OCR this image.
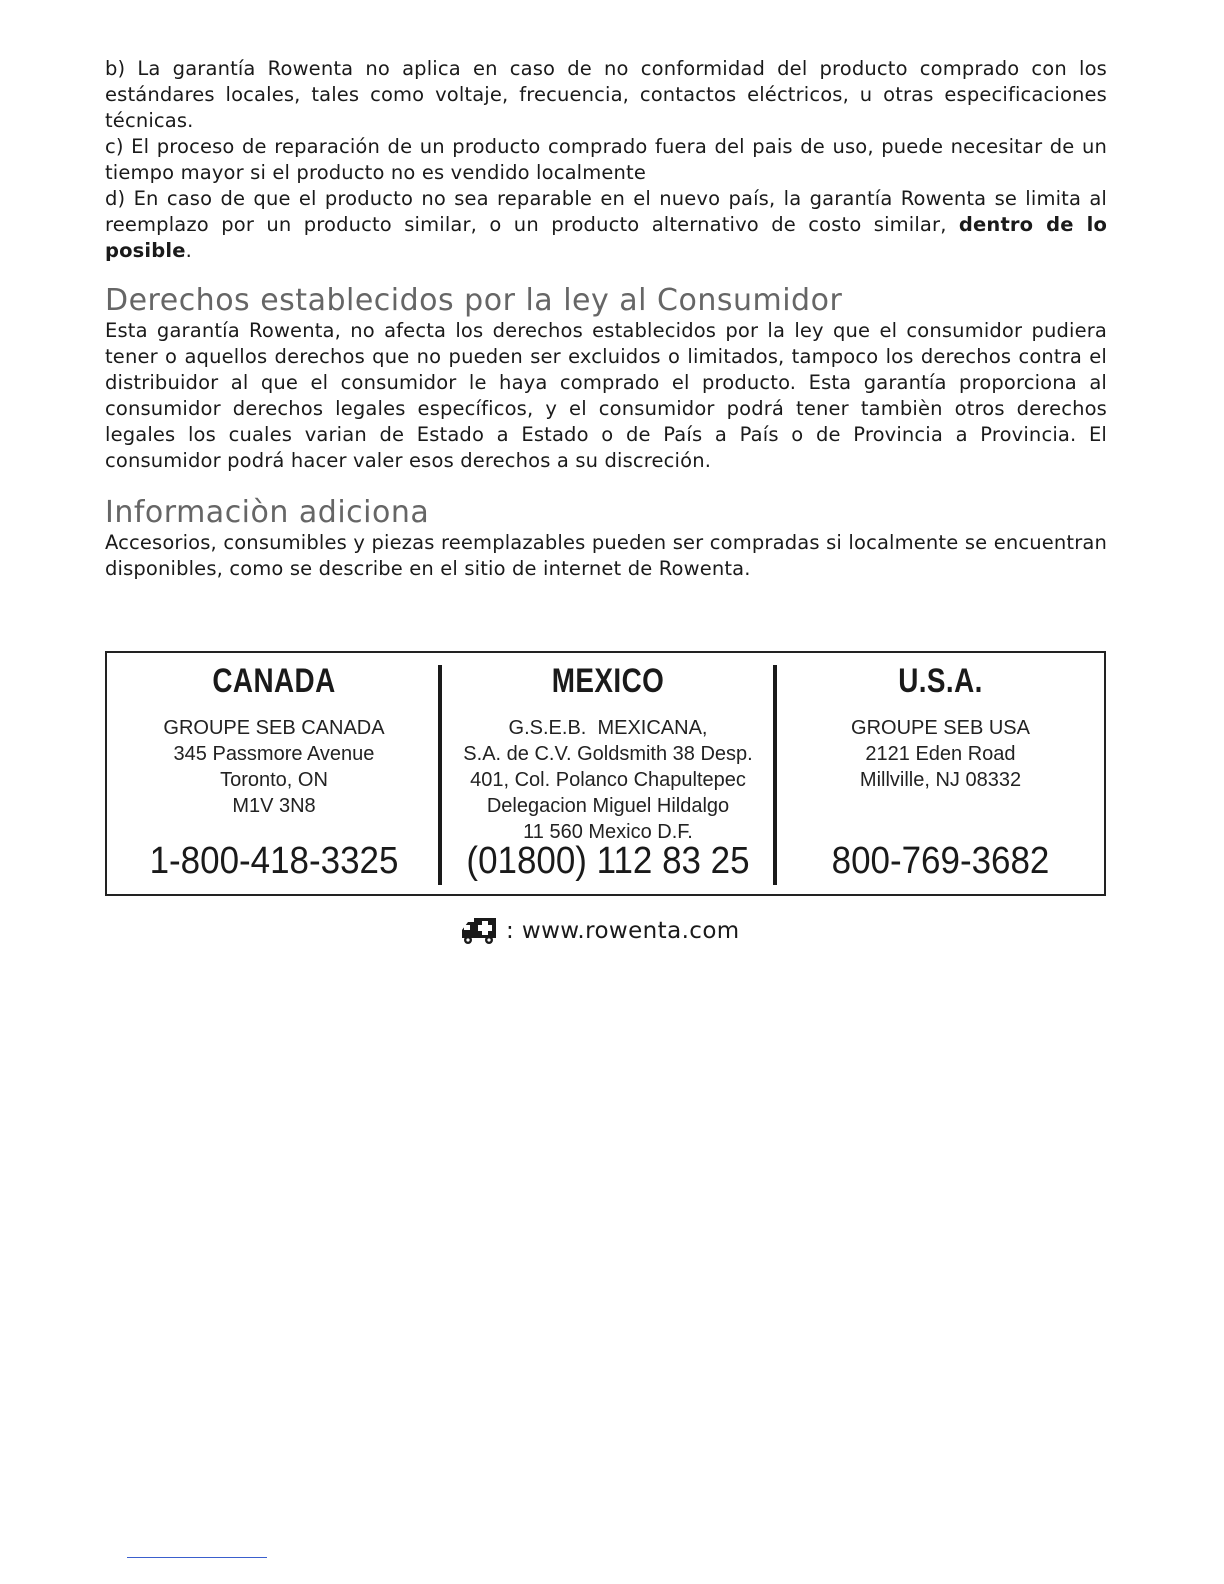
b) La garantía Rowenta no aplica en caso de no conformidad del producto comprado con los estándares locales, tales como voltaje, frecuencia, contactos eléctricos, u otras especificaciones técnicas.

c) El proceso de reparación de un producto comprado fuera del pais de uso, puede necesitar de un tiempo mayor si el producto no es vendido localmente

d) En caso de que el producto no sea reparable en el nuevo país, la garantía Rowenta se limita al reemplazo por un producto similar, o un producto alternativo de costo similar, dentro de lo posible.

Derechos establecidos por la ley al Consumidor

Esta garantía Rowenta, no afecta los derechos establecidos por la ley que el consumidor pudiera tener o aquellos derechos que no pueden ser excluidos o limitados, tampoco los derechos contra el distribuidor al que el consumidor le haya comprado el producto. Esta garantía proporciona al consumidor derechos legales específicos, y el consumidor podrá tener tambièn otros derechos legales los cuales varian de Estado a Estado o de País a País o de Provincia a Provincia. El consumidor podrá hacer valer esos derechos a su discreción.

Informaciòn adiciona

Accesorios, consumibles y piezas reemplazables pueden ser compradas si localmente se encuentran disponibles, como se describe en el sitio de internet de Rowenta.

CANADA
GROUPE SEB CANADA
345 Passmore Avenue
Toronto, ON
M1V 3N8
1-800-418-3325
MEXICO
G.S.E.B.  MEXICANA,
S.A. de C.V. Goldsmith 38 Desp.
401, Col. Polanco Chapultepec
Delegacion Miguel Hildalgo
11 560 Mexico D.F.
(01800) 112 83 25
U.S.A.
GROUPE SEB USA
2121 Eden Road
Millville, NJ 08332
800-769-3682
: www.rowenta.com
